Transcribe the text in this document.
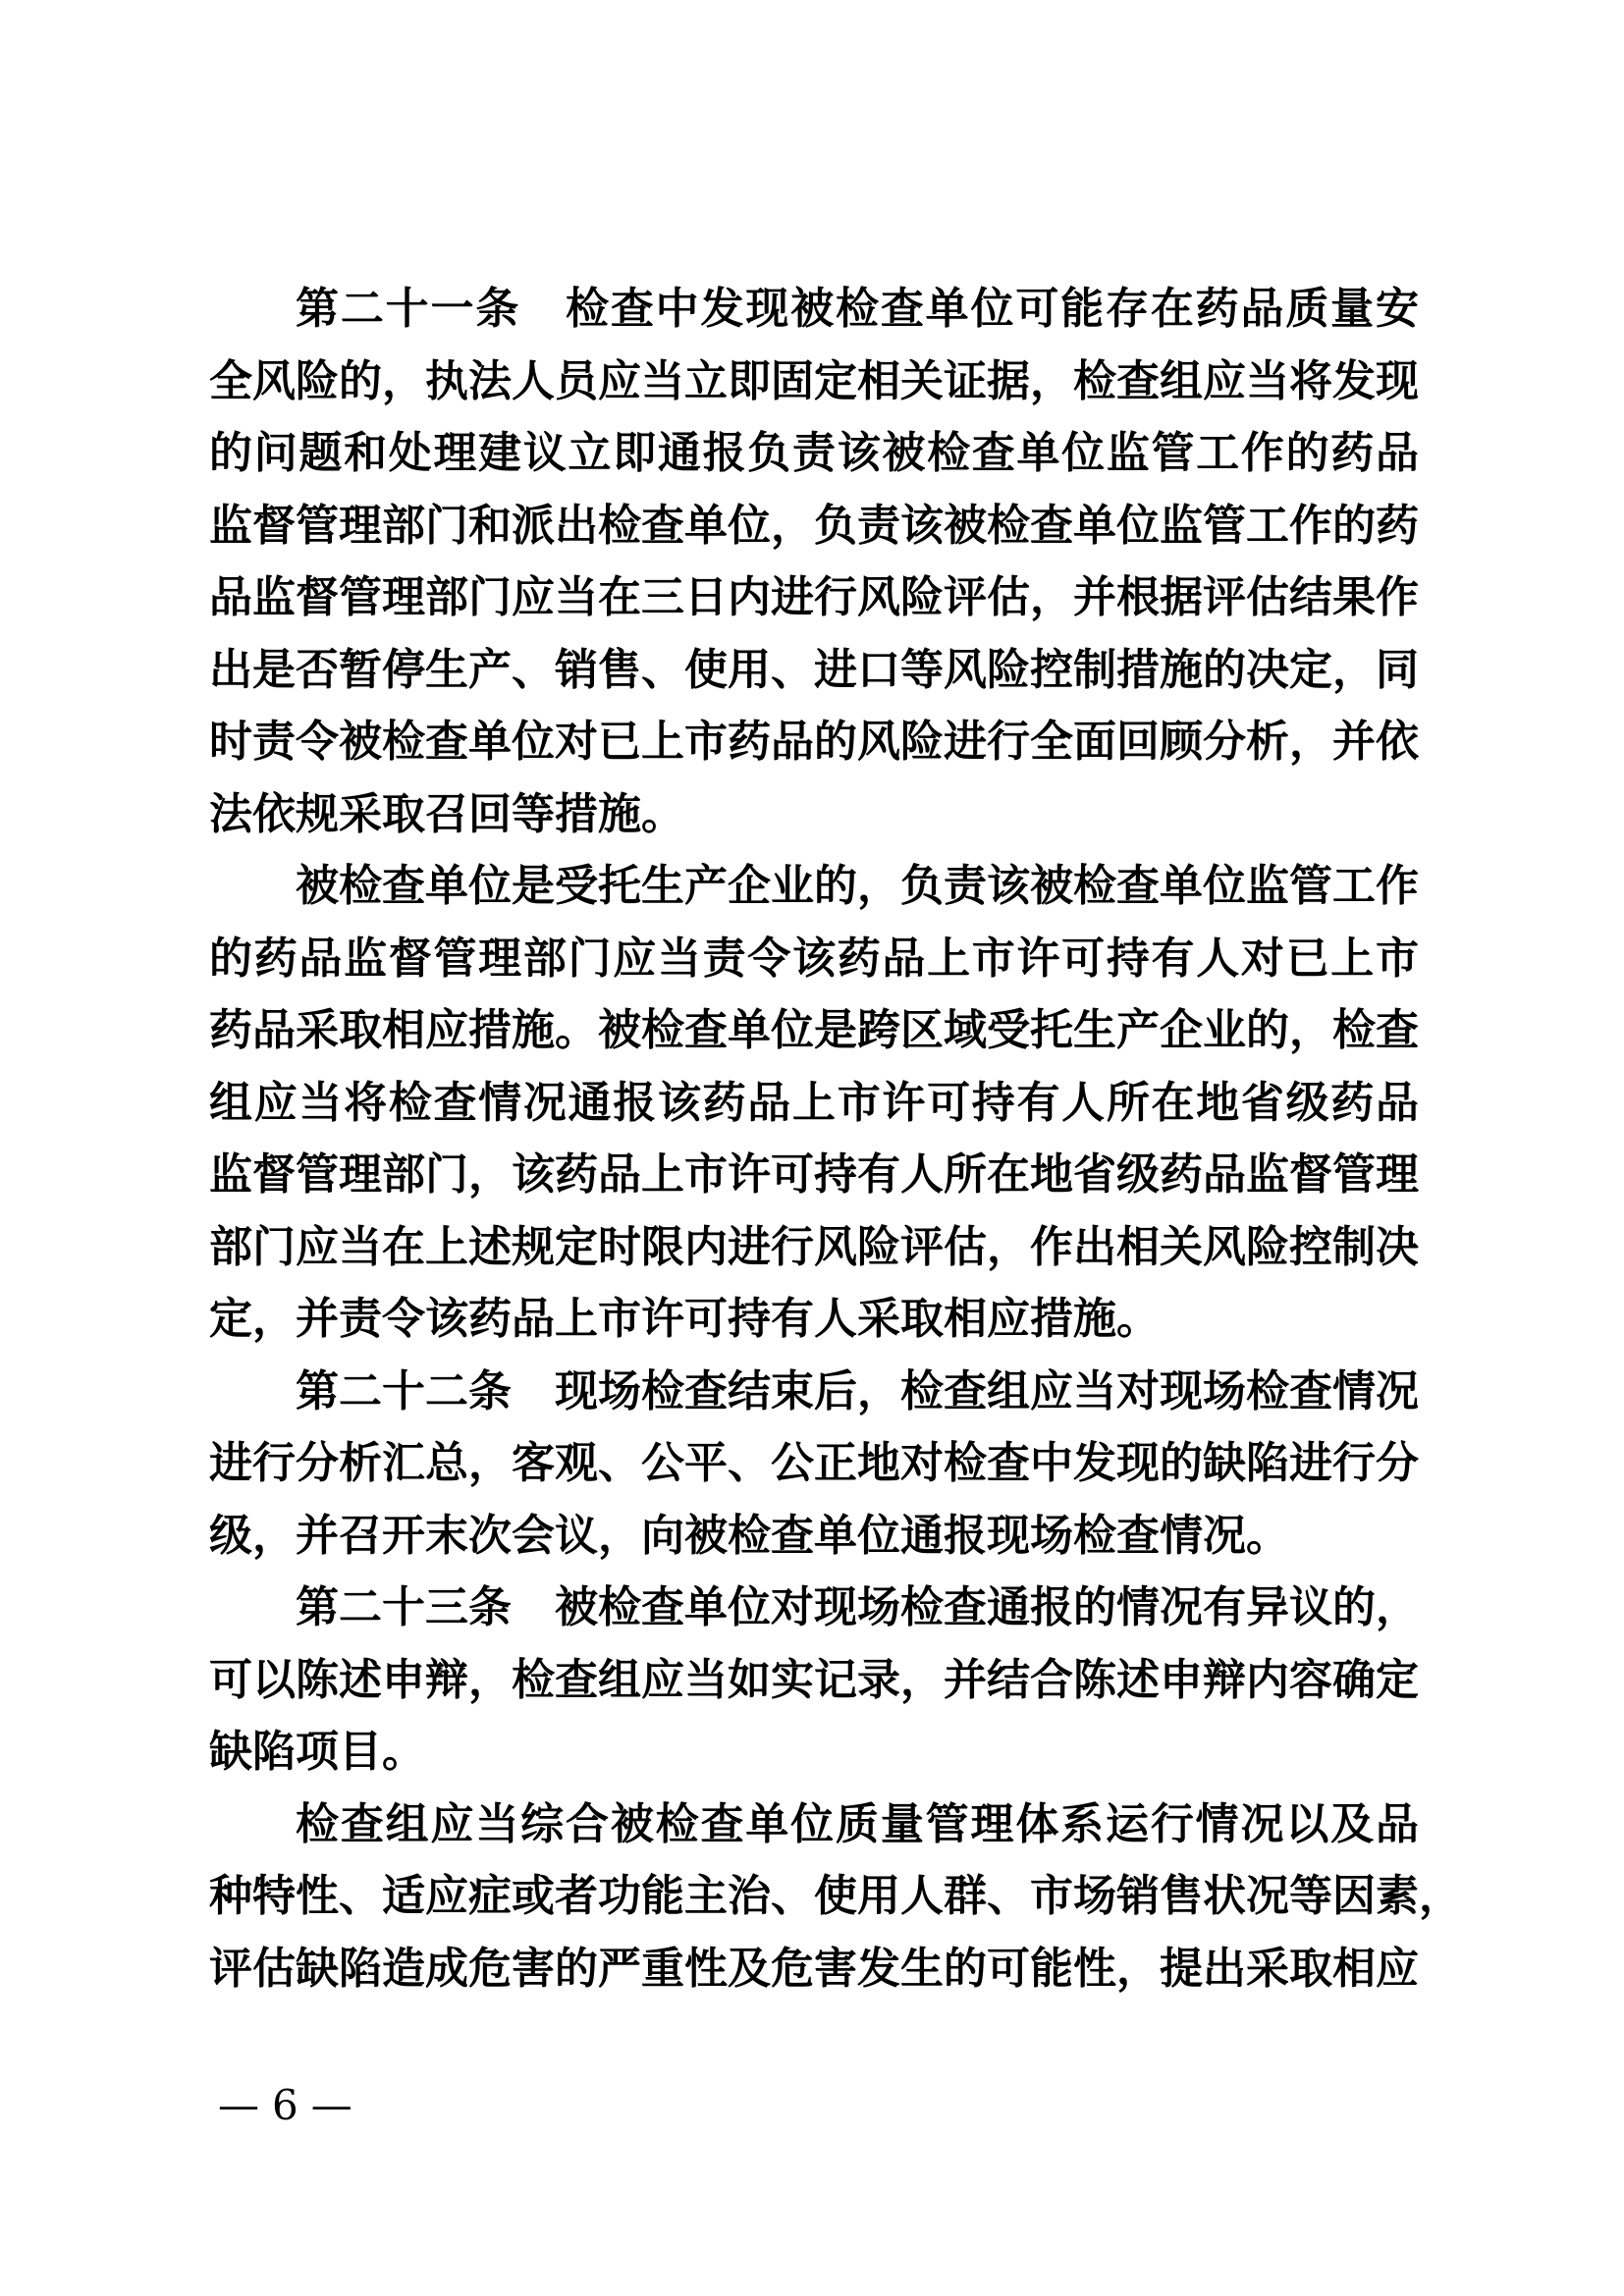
第二十一条　检查中发现被检查单位可能存在药品质量安
全风险的，执法人员应当立即固定相关证据，检查组应当将发现
的问题和处理建议立即通报负责该被检查单位监管工作的药品
监督管理部门和派出检查单位，负责该被检查单位监管工作的药
品监督管理部门应当在三日内进行风险评估，并根据评估结果作
出是否暂停生产、销售、使用、进口等风险控制措施的决定，同
时责令被检查单位对已上市药品的风险进行全面回顾分析，并依
法依规采取召回等措施。
被检查单位是受托生产企业的，负责该被检查单位监管工作
的药品监督管理部门应当责令该药品上市许可持有人对已上市
药品采取相应措施。被检查单位是跨区域受托生产企业的，检查
组应当将检查情况通报该药品上市许可持有人所在地省级药品
监督管理部门，该药品上市许可持有人所在地省级药品监督管理
部门应当在上述规定时限内进行风险评估，作出相关风险控制决
定，并责令该药品上市许可持有人采取相应措施。
第二十二条　现场检查结束后，检查组应当对现场检查情况
进行分析汇总，客观、公平、公正地对检查中发现的缺陷进行分
级，并召开末次会议，向被检查单位通报现场检查情况。
第二十三条　被检查单位对现场检查通报的情况有异议的，
可以陈述申辩，检查组应当如实记录，并结合陈述申辩内容确定
缺陷项目。
检查组应当综合被检查单位质量管理体系运行情况以及品
种特性、适应症或者功能主治、使用人群、市场销售状况等因素，
评估缺陷造成危害的严重性及危害发生的可能性，提出采取相应
— 6 —
